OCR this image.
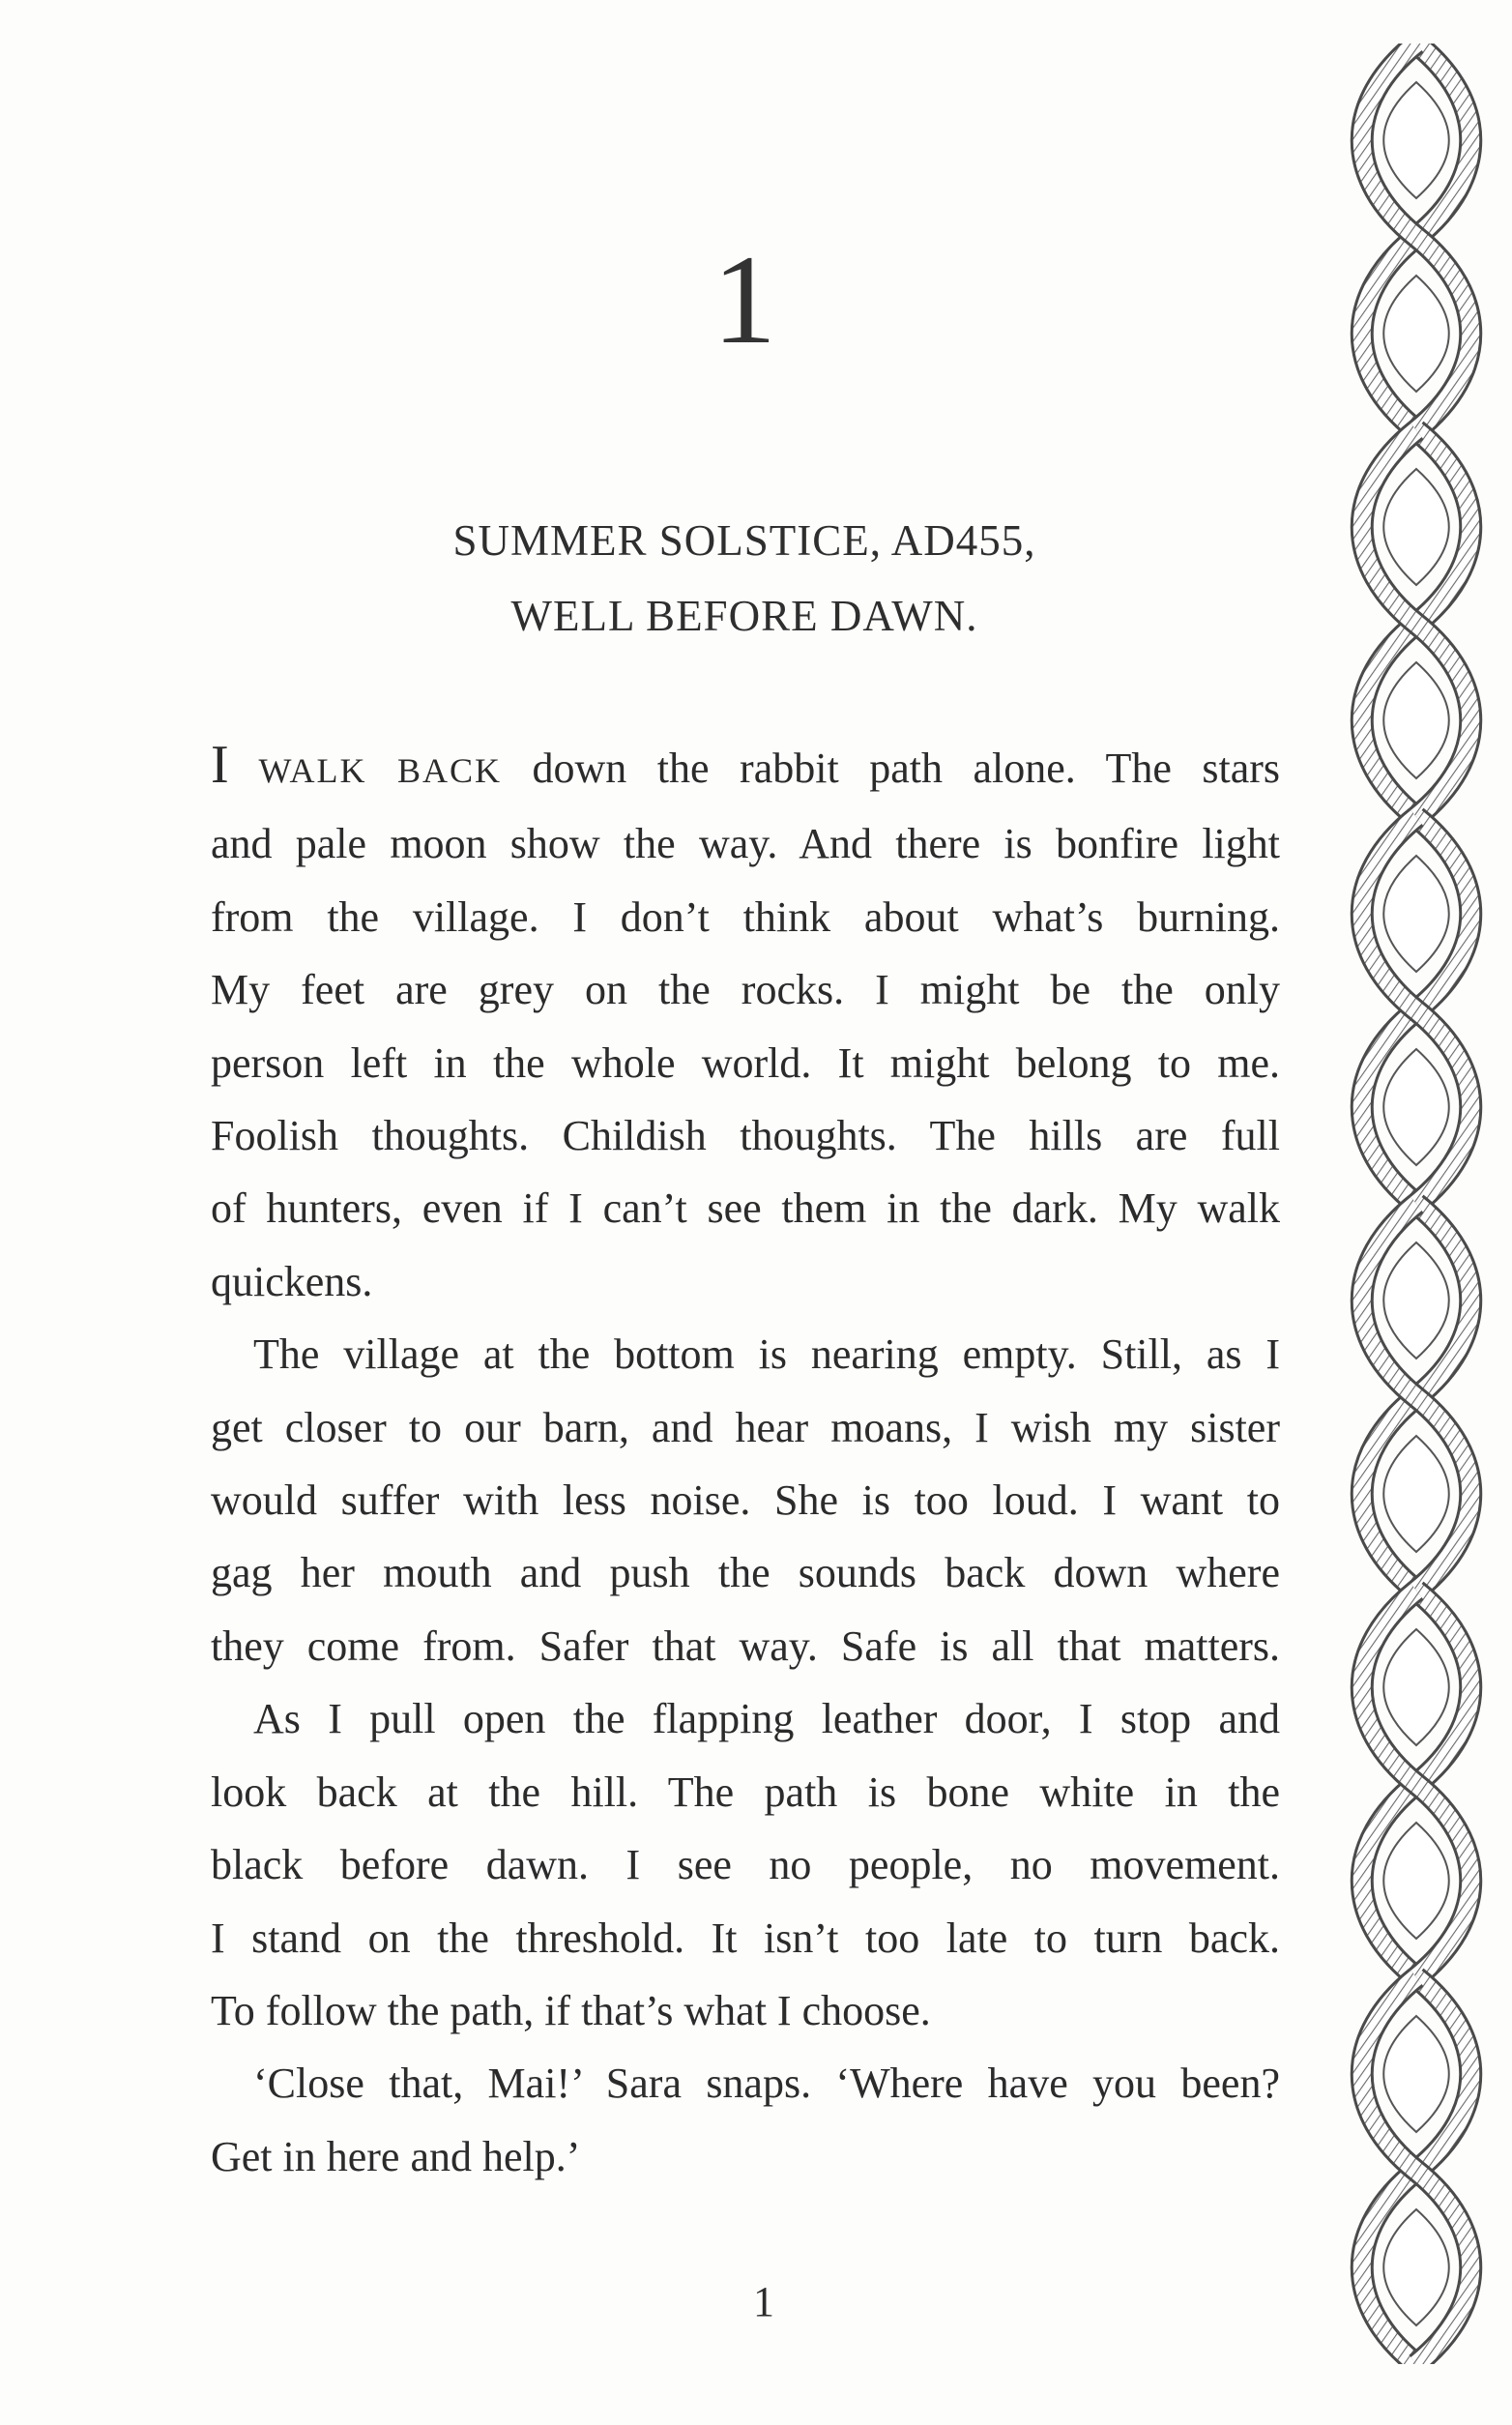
1
SUMMER SOLSTICE, AD455,
WELL BEFORE DAWN.
I WALK BACK down the rabbit path alone. The stars
and pale moon show the way. And there is bonfire light
from the village. I don’t think about what’s burning.
My feet are grey on the rocks. I might be the only
person left in the whole world. It might belong to me.
Foolish thoughts. Childish thoughts. The hills are full
of hunters, even if I can’t see them in the dark. My walk
quickens.
The village at the bottom is nearing empty. Still, as I
get closer to our barn, and hear moans, I wish my sister
would suffer with less noise. She is too loud. I want to
gag her mouth and push the sounds back down where
they come from. Safer that way. Safe is all that matters.
As I pull open the flapping leather door, I stop and
look back at the hill. The path is bone white in the
black before dawn. I see no people, no movement.
I stand on the threshold. It isn’t too late to turn back.
To follow the path, if that’s what I choose.
‘Close that, Mai!’ Sara snaps. ‘Where have you been?
Get in here and help.’
1
